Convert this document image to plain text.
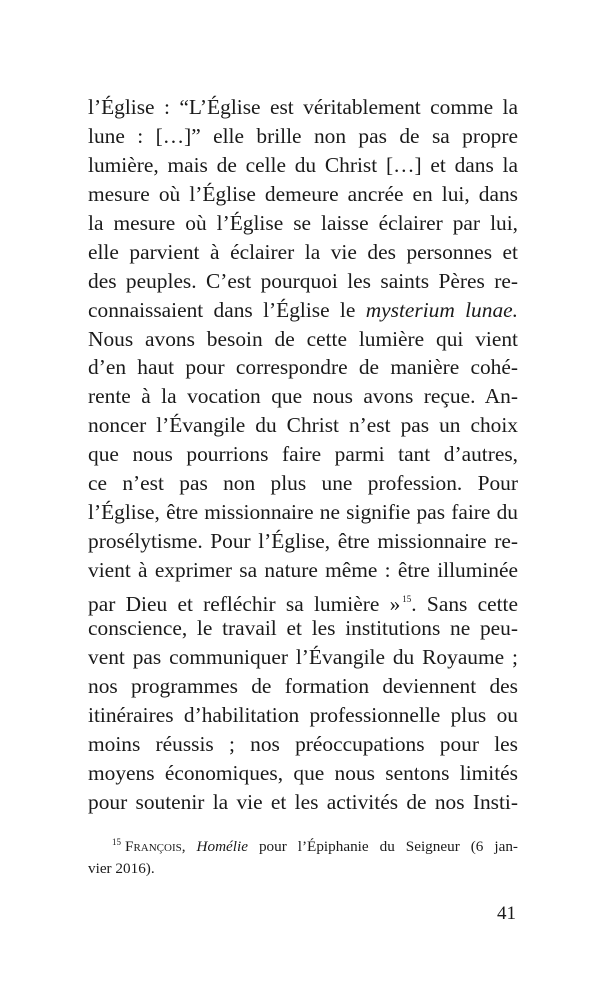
l’Église : “L’Église est véritablement comme la
lune : […]” elle brille non pas de sa propre
lumière, mais de celle du Christ […] et dans la
mesure où l’Église demeure ancrée en lui, dans
la mesure où l’Église se laisse éclairer par lui,
elle parvient à éclairer la vie des personnes et
des peuples. C’est pourquoi les saints Pères re-
connaissaient dans l’Église le mysterium lunae.
Nous avons besoin de cette lumière qui vient
d’en haut pour correspondre de manière cohé-
rente à la vocation que nous avons reçue. An-
noncer l’Évangile du Christ n’est pas un choix
que nous pourrions faire parmi tant d’autres,
ce n’est pas non plus une profession. Pour
l’Église, être missionnaire ne signifie pas faire du
prosélytisme. Pour l’Église, être missionnaire re-
vient à exprimer sa nature même : être illuminée
par Dieu et refléchir sa lumière » $^{15}$. Sans cette
conscience, le travail et les institutions ne peu-
vent pas communiquer l’Évangile du Royaume ;
nos programmes de formation deviennent des
itinéraires d’habilitation professionnelle plus ou
moins réussis ; nos préoccupations pour les
moyens économiques, que nous sentons limités
pour soutenir la vie et les activités de nos Insti-
$^{15}$ François, Homélie pour l’Épiphanie du Seigneur (6 jan-
vier 2016).
41
